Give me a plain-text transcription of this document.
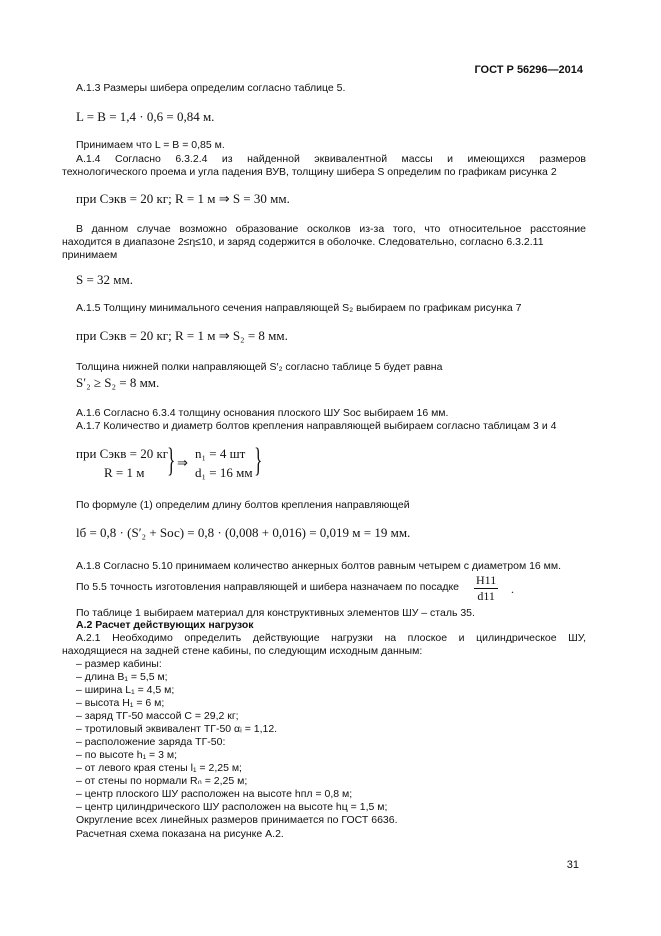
ГОСТ Р 56296—2014
А.1.3 Размеры шибера определим согласно таблице 5.
L = B = 1,4 · 0,6 = 0,84 м.
Принимаем что L = B = 0,85 м.
А.1.4 Согласно 6.3.2.4 из найденной эквивалентной массы и имеющихся размеров
технологического проема и угла падения ВУВ, толщину шибера S определим по графикам рисунка 2
при Cэкв = 20 кг; R = 1 м ⇒ S = 30 мм.
В данном случае возможно образование осколков из-за того, что относительное расстояние
находится в диапазоне 2≤η≤10, и заряд содержится в оболочке. Следовательно, согласно 6.3.2.11
принимаем
S = 32 мм.
А.1.5 Толщину минимального сечения направляющей S₂ выбираем по графикам рисунка 7
при Cэкв = 20 кг; R = 1 м ⇒ S₂ = 8 мм.
Толщина нижней полки направляющей S′₂ согласно таблице 5 будет равна
S′₂ ≥ S₂ = 8 мм.
А.1.6 Согласно 6.3.4 толщину основания плоского ШУ Sос выбираем 16 мм.
А.1.7 Количество и диаметр болтов крепления направляющей выбираем согласно таблицам 3 и 4
при Cэкв = 20 кг
R = 1 м } ⇒
n₁ = 4 шт
d₁ = 16 мм }
По формуле (1) определим длину болтов крепления направляющей
lб = 0,8 · (S′₂ + Sос) = 0,8 · (0,008 + 0,016) = 0,019 м = 19 мм.
А.1.8 Согласно 5.10 принимаем количество анкерных болтов равным четырем с диаметром 16 мм.
По 5.5 точность изготовления направляющей и шибера назначаем по посадке $\frac{H11}{d11}$ .
По таблице 1 выбираем материал для конструктивных элементов ШУ – сталь 35.
А.2 Расчет действующих нагрузок
А.2.1 Необходимо определить действующие нагрузки на плоское и цилиндрическое ШУ,
находящиеся на задней стене кабины, по следующим исходным данным:
– размер кабины:
– длина B₁ = 5,5 м;
– ширина L₁ = 4,5 м;
– высота H₁ = 6 м;
– заряд ТГ-50 массой С = 29,2 кг;
– тротиловый эквивалент ТГ-50 αᵢ = 1,12.
– расположение заряда ТГ-50:
– по высоте h₁ = 3 м;
– от левого края стены l₁ = 2,25 м;
– от стены по нормали Rₙ = 2,25 м;
– центр плоского ШУ расположен на высоте hпл = 0,8 м;
– центр цилиндрического ШУ расположен на высоте hц = 1,5 м;
Округление всех линейных размеров принимается по ГОСТ 6636.
Расчетная схема показана на рисунке А.2.
31
